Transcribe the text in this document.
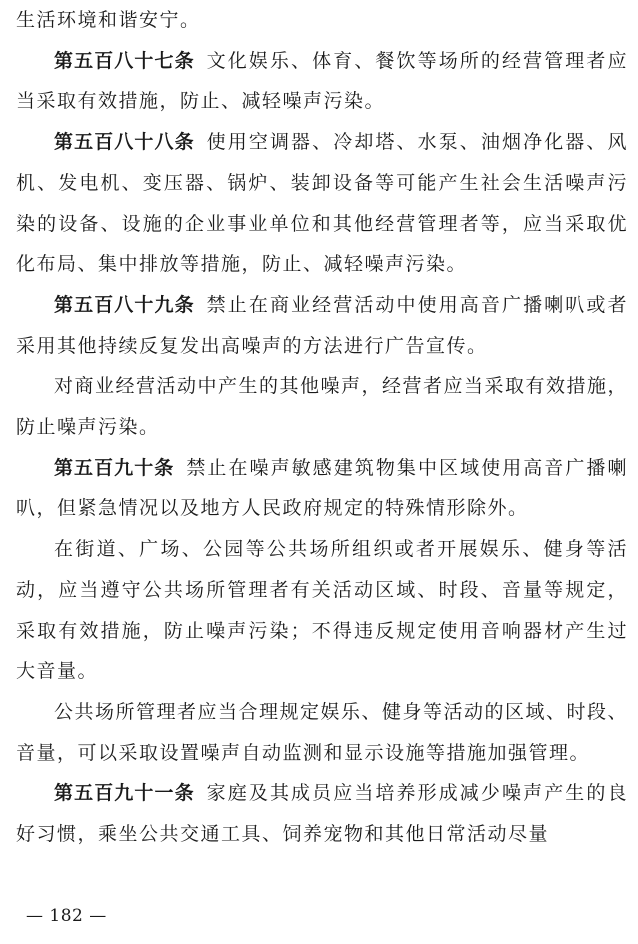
生活环境和谐安宁。

第五百八十七条 文化娱乐、体育、餐饮等场所的经营管理者应当采取有效措施，防止、减轻噪声污染。

第五百八十八条 使用空调器、冷却塔、水泵、油烟净化器、风机、发电机、变压器、锅炉、装卸设备等可能产生社会生活噪声污染的设备、设施的企业事业单位和其他经营管理者等，应当采取优化布局、集中排放等措施，防止、减轻噪声污染。

第五百八十九条 禁止在商业经营活动中使用高音广播喇叭或者采用其他持续反复发出高噪声的方法进行广告宣传。

对商业经营活动中产生的其他噪声，经营者应当采取有效措施，防止噪声污染。

第五百九十条 禁止在噪声敏感建筑物集中区域使用高音广播喇叭，但紧急情况以及地方人民政府规定的特殊情形除外。

在街道、广场、公园等公共场所组织或者开展娱乐、健身等活动，应当遵守公共场所管理者有关活动区域、时段、音量等规定，采取有效措施，防止噪声污染；不得违反规定使用音响器材产生过大音量。

公共场所管理者应当合理规定娱乐、健身等活动的区域、时段、音量，可以采取设置噪声自动监测和显示设施等措施加强管理。

第五百九十一条 家庭及其成员应当培养形成减少噪声产生的良好习惯，乘坐公共交通工具、饲养宠物和其他日常活动尽量

— 182 —
